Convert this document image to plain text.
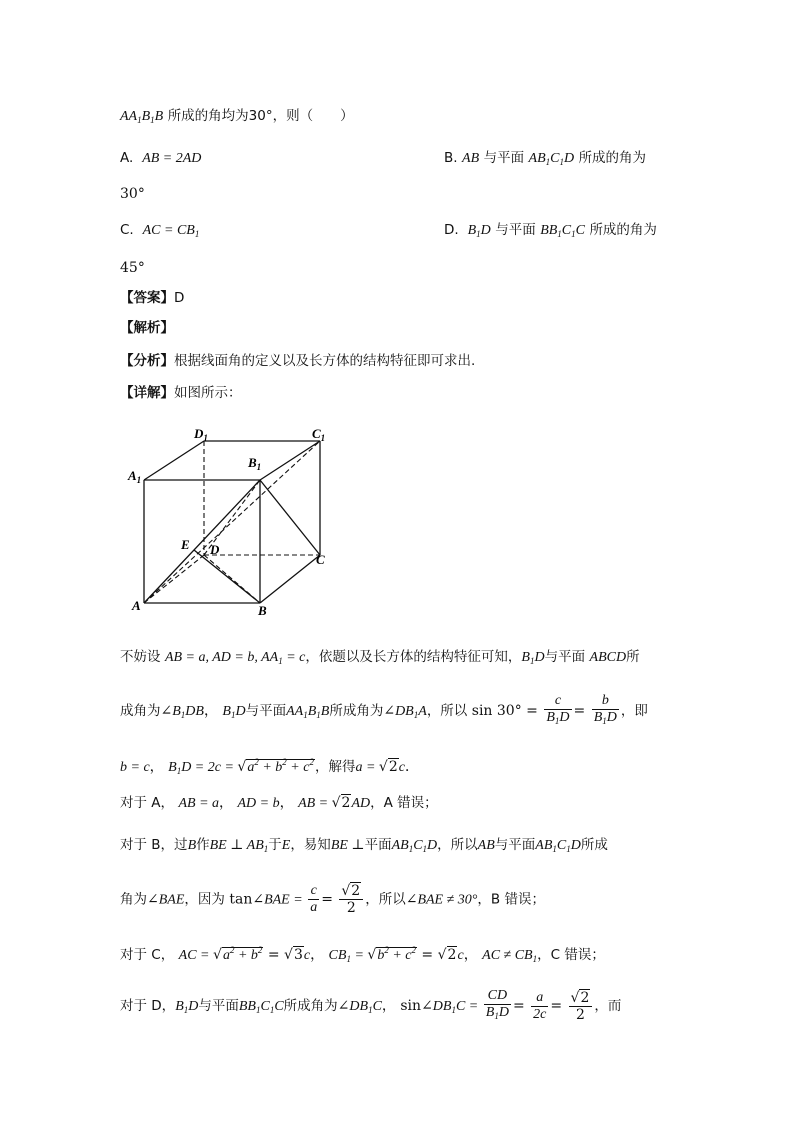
$AA_1B_1B$ 所成的角均为30°，则（　　）
A. AB = 2AD	B. AB 与平面 $AB_1C_1D$ 所成的角为
30°
C. AC = $CB_1$	D. $B_1D$ 与平面 $BB_1C_1C$ 所成的角为
45°
【答案】D
【解析】
【分析】根据线面角的定义以及长方体的结构特征即可求出.
【详解】如图所示：
$D_1$	$C_1$
$A_1$
$B_1$
E D
C
A	B
不妨设 AB = a, AD = b, $AA_1 = c$，依题以及长方体的结构特征可知，$B_1D$与平面 ABCD所
成角为$\angle B_1DB$， $B_1D$与平面$AA_1B_1B$所成角为$\angle DB_1A$，所以 $\sin 30^\circ = \frac{c}{B_1D} = \frac{b}{B_1D}$ ，即
b = c， $B_1D = 2c = √a^2 + b^2 + c^2$，解得a = √2c．
对于 A， AB = a， AD = b， AB = √2AD，A 错误；
对于 B，过B作BE ⊥ $AB_1$于E，易知BE ⊥平面$AB_1C_1D$，所以AB与平面$AB_1C_1D$所成
角为∠BAE，因为 tan∠BAE = $\frac{c}{a} = \frac{√2}{2}$ ，所以∠BAE ≠ 30°，B 错误；
对于 C， AC = $√a^2 + b^2 = √3c$， $CB_1 = √b^2 + c^2 = √2c$， AC ≠ $CB_1$，C 错误；
对于 D，$B_1D$与平面$BB_1C_1C$所成角为$\angle DB_1C$， $\sin\angle DB_1C = \frac{CD}{B_1D} = \frac{a}{2c} = \frac{√2}{2}$ ，而
